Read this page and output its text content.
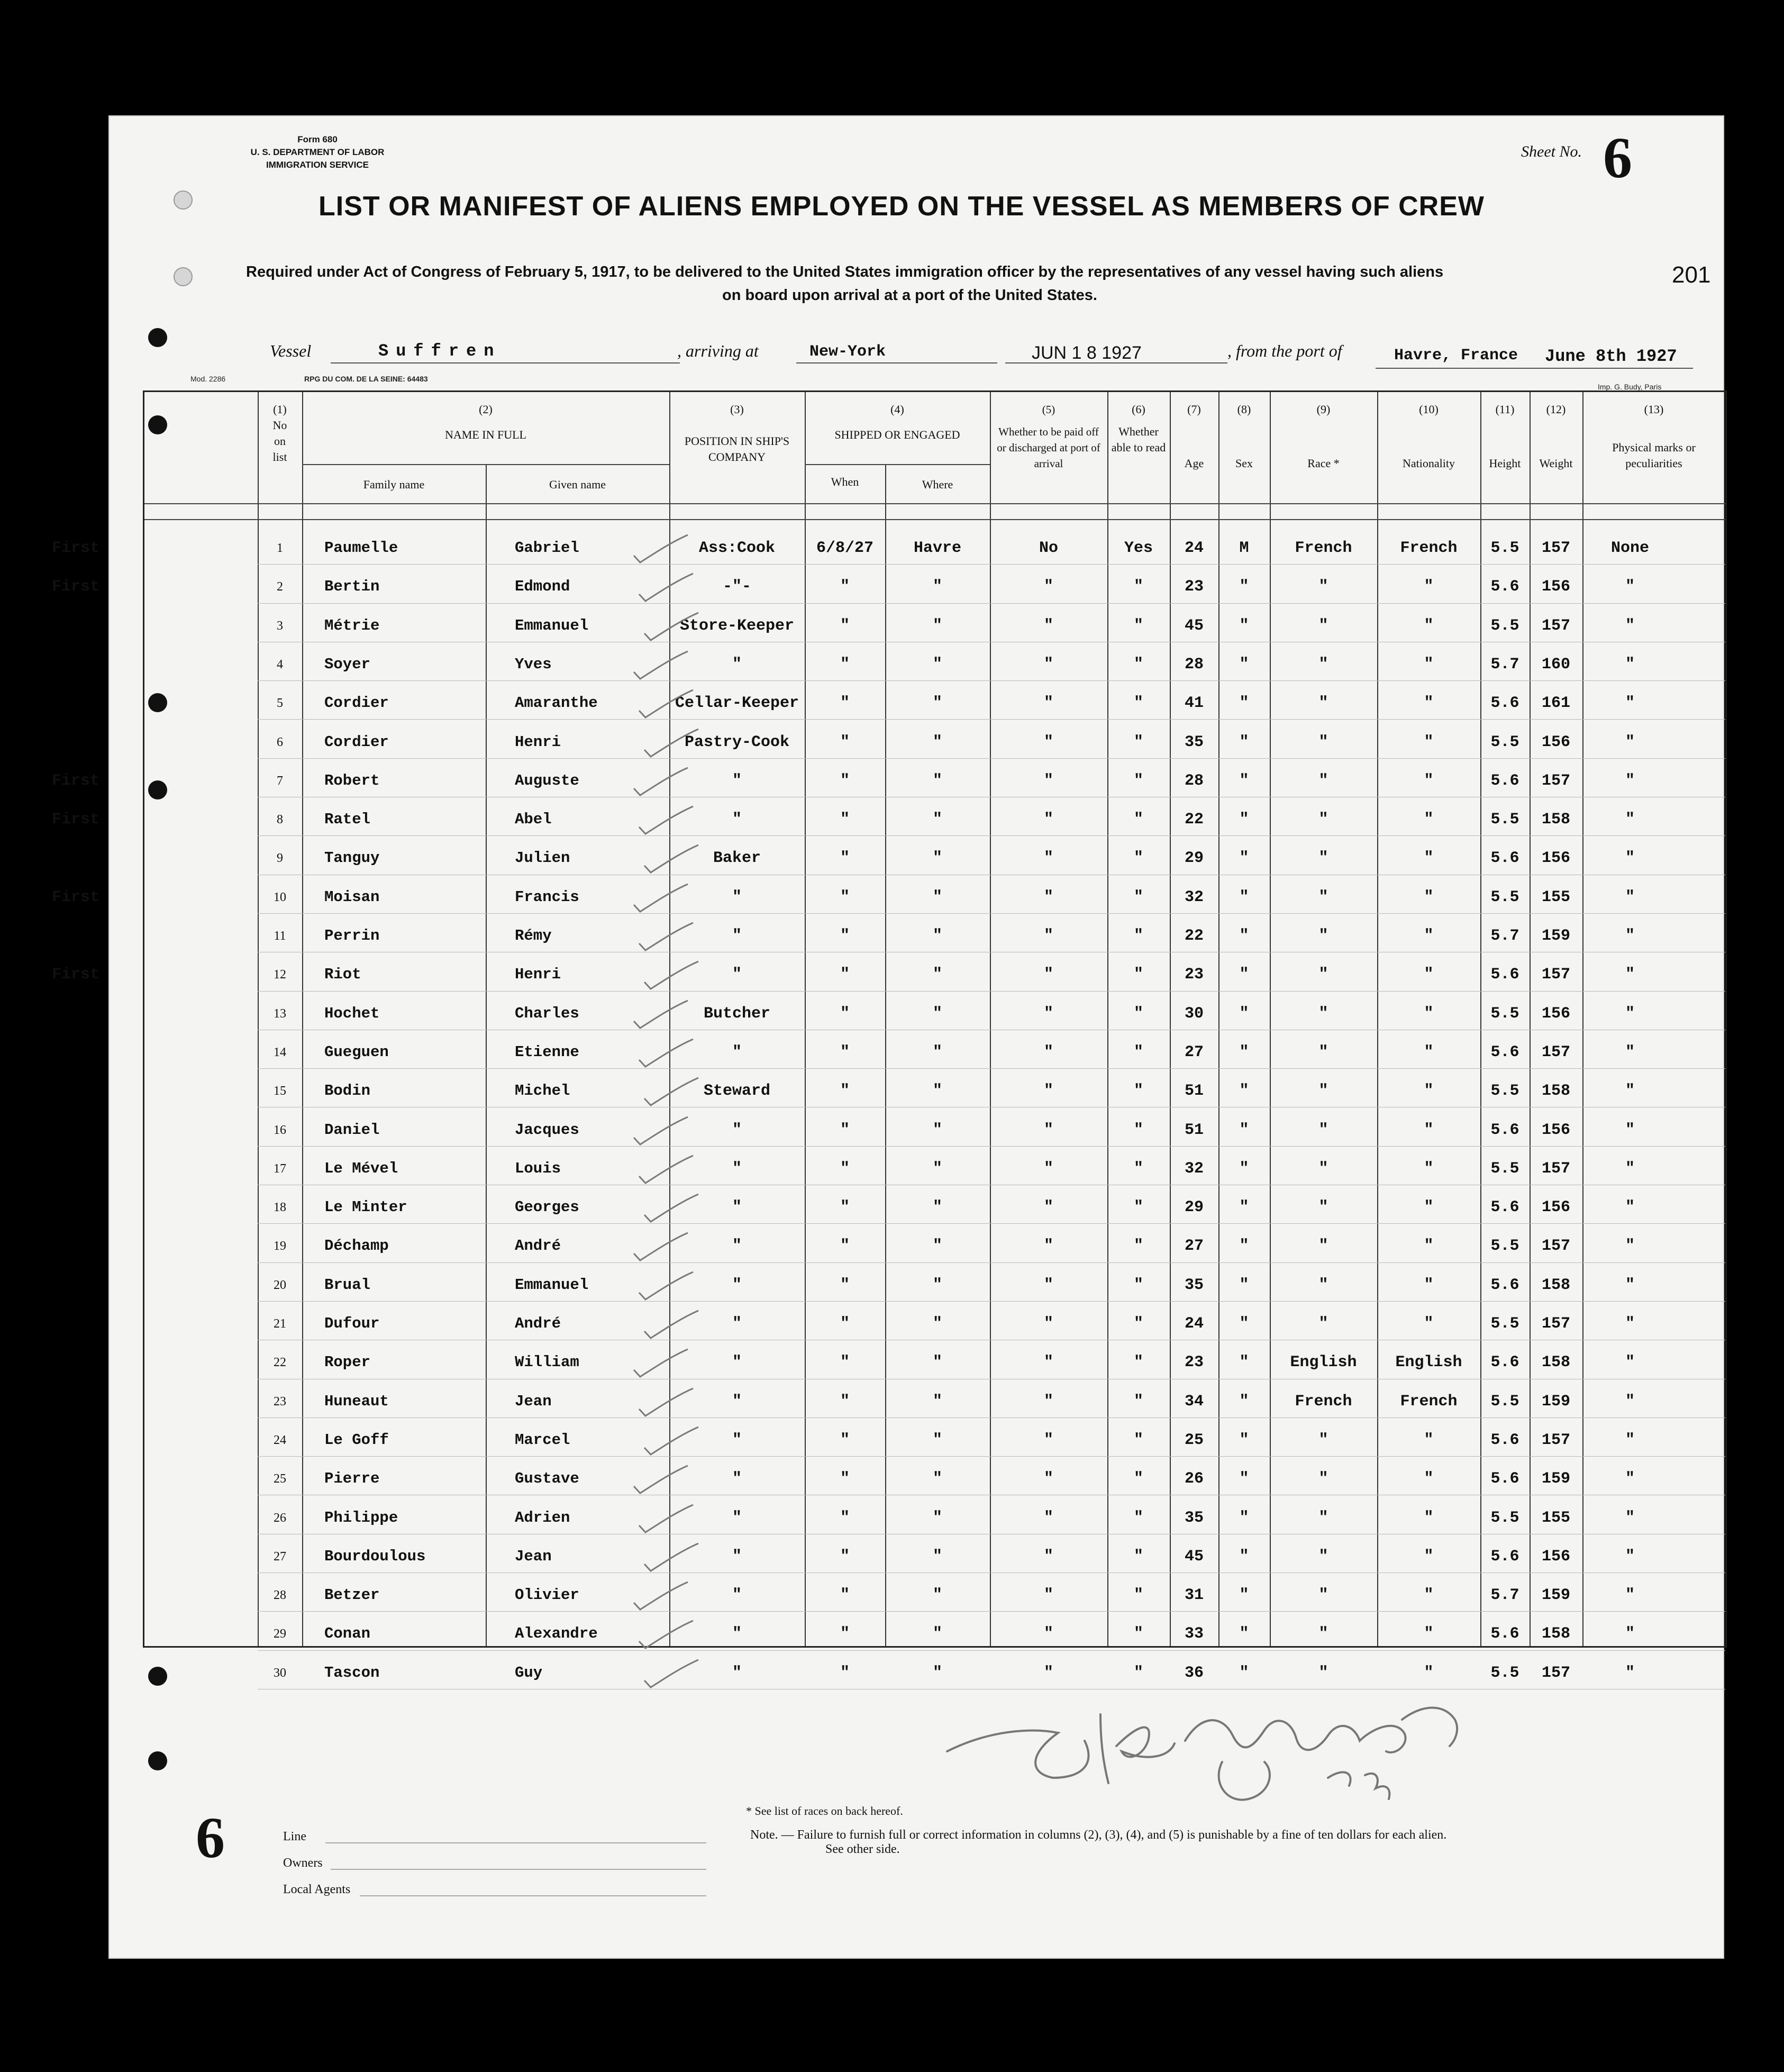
Form 680
U. S. DEPARTMENT OF LABOR
IMMIGRATION SERVICE
Sheet No. 6
LIST OR MANIFEST OF ALIENS EMPLOYED ON THE VESSEL AS MEMBERS OF CREW
Required under Act of Congress of February 5, 1917, to be delivered to the United States immigration officer by the representatives of any vessel having such aliens
on board upon arrival at a port of the United States.
201
Vessel	Suffren	, arriving at	New-York	JUN 1 8 1927	, from the port of	Havre, France June 8th 1927
Mod. 2286	RPG DU COM. DE LA SEINE: 64483
Imp. G. Budy, Paris
(1)
No on list
(2)
NAME IN FULL
Family name	Given name
(3)
POSITION IN SHIP'S COMPANY
(4)
SHIPPED OR ENGAGED
When	Where
(5)
Whether to be paid off or discharged at port of arrival
(6)
Whether able to read
(7)
Age
(8)
Sex
(9)
Race *
(10)
Nationality
(11)
Height
(12)
Weight
(13)
Physical marks or peculiarities
1	Paumelle	Gabriel	Ass:Cook	6/8/27	Havre	No	Yes	24	M	French	French	5.5	157	None
First
2	Bertin	Edmond	-"-	"	"	"	"	23	"	"	"	5.6	156	"
First
3	Métrie	Emmanuel	Store-Keeper	"	"	"	"	45	"	"	"	5.5	157	"
4	Soyer	Yves	"	"	"	"	"	28	"	"	"	5.7	160	"
5	Cordier	Amaranthe	Cellar-Keeper	"	"	"	"	41	"	"	"	5.6	161	"
6	Cordier	Henri	Pastry-Cook	"	"	"	"	35	"	"	"	5.5	156	"
7	Robert	Auguste	"	"	"	"	"	28	"	"	"	5.6	157	"
First
8	Ratel	Abel	"	"	"	"	"	22	"	"	"	5.5	158	"
First
9	Tanguy	Julien	Baker	"	"	"	"	29	"	"	"	5.6	156	"
10	Moisan	Francis	"	"	"	"	"	32	"	"	"	5.5	155	"
First
11	Perrin	Rémy	"	"	"	"	"	22	"	"	"	5.7	159	"
12	Riot	Henri	"	"	"	"	"	23	"	"	"	5.6	157	"
First
13	Hochet	Charles	Butcher	"	"	"	"	30	"	"	"	5.5	156	"
14	Gueguen	Etienne	"	"	"	"	"	27	"	"	"	5.6	157	"
15	Bodin	Michel	Steward	"	"	"	"	51	"	"	"	5.5	158	"
16	Daniel	Jacques	"	"	"	"	"	51	"	"	"	5.6	156	"
17	Le Mével	Louis	"	"	"	"	"	32	"	"	"	5.5	157	"
18	Le Minter	Georges	"	"	"	"	"	29	"	"	"	5.6	156	"
19	Déchamp	André	"	"	"	"	"	27	"	"	"	5.5	157	"
20	Brual	Emmanuel	"	"	"	"	"	35	"	"	"	5.6	158	"
21	Dufour	André	"	"	"	"	"	24	"	"	"	5.5	157	"
22	Roper	William	"	"	"	"	"	23	"	English	English	5.6	158	"
23	Huneaut	Jean	"	"	"	"	"	34	"	French	French	5.5	159	"
24	Le Goff	Marcel	"	"	"	"	"	25	"	"	"	5.6	157	"
25	Pierre	Gustave	"	"	"	"	"	26	"	"	"	5.6	159	"
26	Philippe	Adrien	"	"	"	"	"	35	"	"	"	5.5	155	"
27	Bourdoulous	Jean	"	"	"	"	"	45	"	"	"	5.6	156	"
28	Betzer	Olivier	"	"	"	"	"	31	"	"	"	5.7	159	"
29	Conan	Alexandre	"	"	"	"	"	33	"	"	"	5.6	158	"
30	Tascon	Guy	"	"	"	"	"	36	"	"	"	5.5	157	"
6	Line
Owners
Local Agents
* See list of races on back hereof.
Note. — Failure to furnish full or correct information in columns (2), (3), (4), and (5) is punishable by a fine of ten dollars for each alien.
See other side.
